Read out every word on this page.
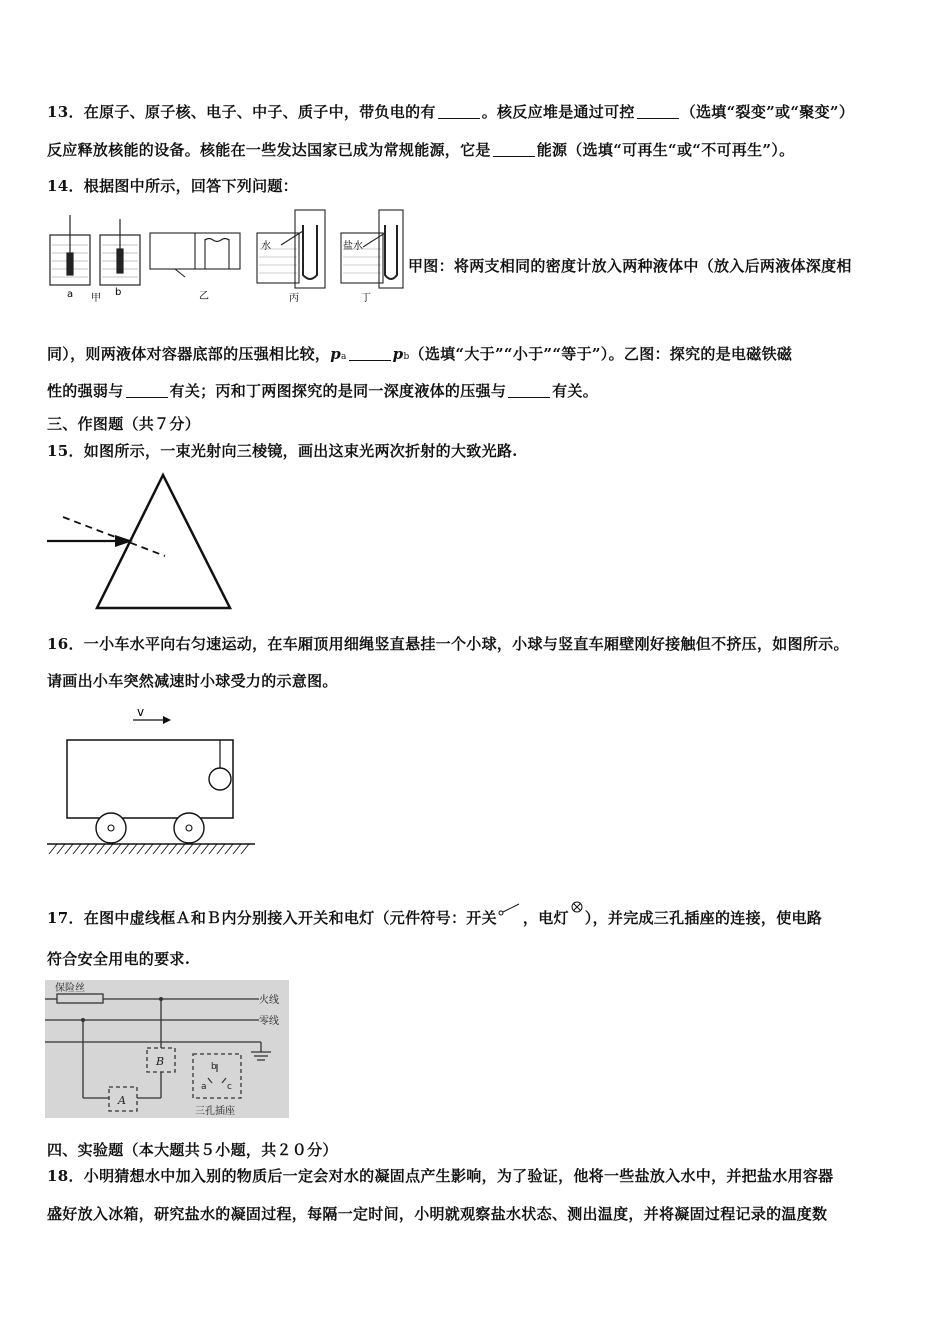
13．在原子、原子核、电子、中子、质子中，带负电的有	。核反应堆是通过可控	（选填“裂变”或“聚变”）
反应释放核能的设备。核能在一些发达国家已成为常规能源，它是	能源（选填“可再生“或“不可再生”）。
14．根据图中所示，回答下列问题：
a 甲
b	乙
水
丙
盐水
丁
甲图：将两支相同的密度计放入两种液体中（放入后两液体深度相
同），则两液体对容器底部的压强相比较，pa	pb（选填“大于”“小于”“等于”）。乙图：探究的是电磁铁磁
性的强弱与	有关；丙和丁两图探究的是同一深度液体的压强与	有关。
三、作图题（共７分）
15．如图所示，一束光射向三棱镜，画出这束光两次折射的大致光路.
16．一小车水平向右匀速运动，在车厢顶用细绳竖直悬挂一个小球，小球与竖直车厢壁刚好接触但不挤压，如图所示。
请画出小车突然减速时小球受力的示意图。
v
17．在图中虚线框Ａ和Ｂ内分别接入开关和电灯（元件符号：开关 ，电灯 ），并完成三孔插座的连接，使电路
符合安全用电的要求.
保险丝
火线
零线
A
B	b
a c
三孔插座
四、实验题（本大题共５小题，共２０分）
18．小明猜想水中加入别的物质后一定会对水的凝固点产生影响，为了验证，他将一些盐放入水中，并把盐水用容器
盛好放入冰箱，研究盐水的凝固过程，每隔一定时间，小明就观察盐水状态、测出温度，并将凝固过程记录的温度数
